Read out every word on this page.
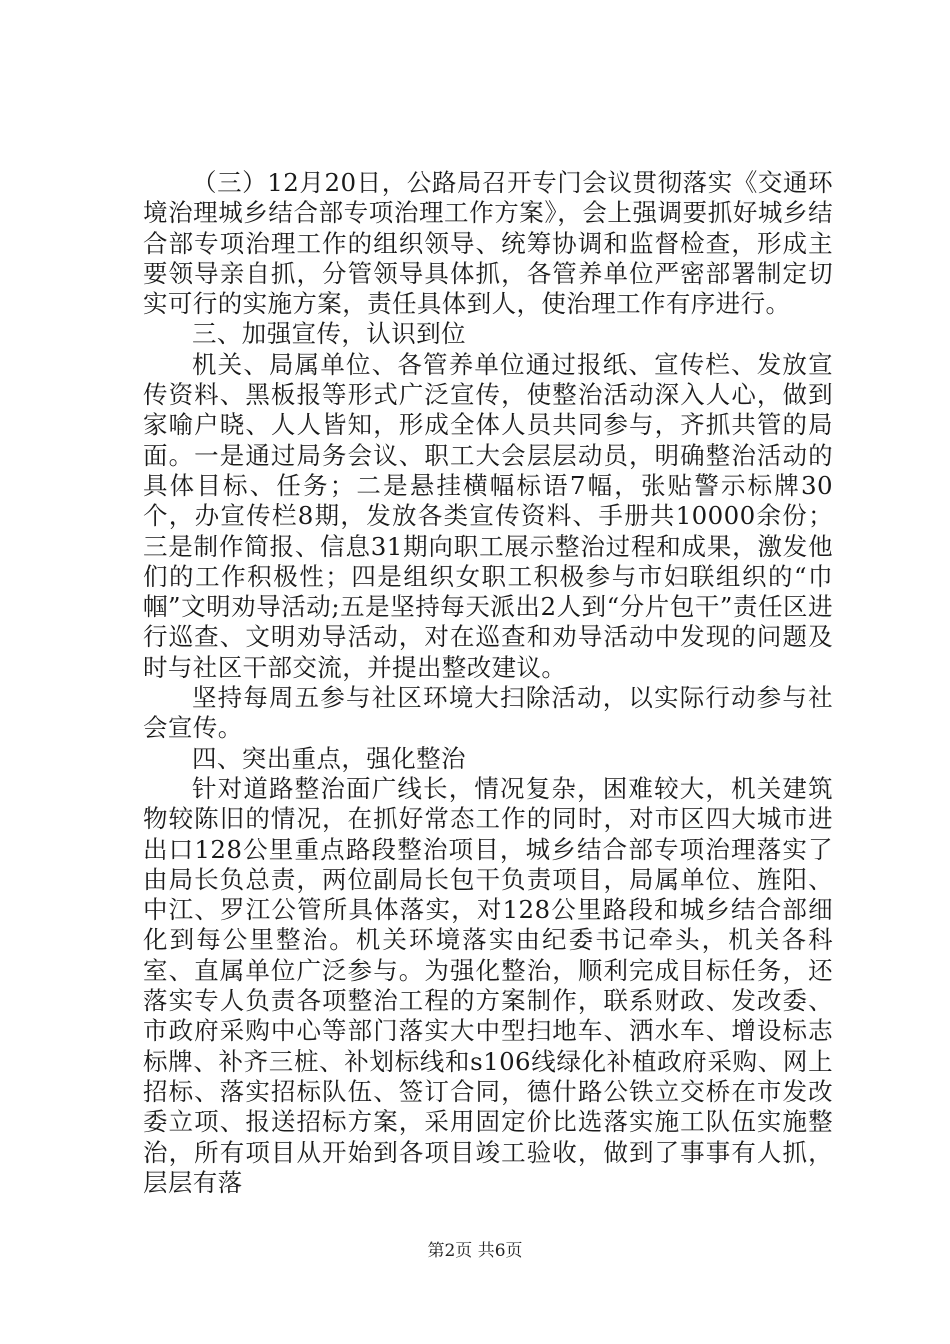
（三）12月20日，公路局召开专门会议贯彻落实《交通环境治理城乡结合部专项治理工作方案》，会上强调要抓好城乡结合部专项治理工作的组织领导、统筹协调和监督检查，形成主要领导亲自抓，分管领导具体抓，各管养单位严密部署制定切实可行的实施方案，责任具体到人，使治理工作有序进行。

三、加强宣传，认识到位

机关、局属单位、各管养单位通过报纸、宣传栏、发放宣传资料、黑板报等形式广泛宣传，使整治活动深入人心，做到家喻户晓、人人皆知，形成全体人员共同参与，齐抓共管的局面。一是通过局务会议、职工大会层层动员，明确整治活动的具体目标、任务；二是悬挂横幅标语7幅，张贴警示标牌30个，办宣传栏8期，发放各类宣传资料、手册共10000余份；三是制作简报、信息31期向职工展示整治过程和成果，激发他们的工作积极性；四是组织女职工积极参与市妇联组织的“巾帼”文明劝导活动;五是坚持每天派出2人到“分片包干”责任区进行巡查、文明劝导活动，对在巡查和劝导活动中发现的问题及时与社区干部交流，并提出整改建议。

坚持每周五参与社区环境大扫除活动，以实际行动参与社会宣传。

四、突出重点，强化整治

针对道路整治面广线长，情况复杂，困难较大，机关建筑物较陈旧的情况，在抓好常态工作的同时，对市区四大城市进出口128公里重点路段整治项目，城乡结合部专项治理落实了由局长负总责，两位副局长包干负责项目，局属单位、旌阳、中江、罗江公管所具体落实，对128公里路段和城乡结合部细化到每公里整治。机关环境落实由纪委书记牵头，机关各科室、直属单位广泛参与。为强化整治，顺利完成目标任务，还落实专人负责各项整治工程的方案制作，联系财政、发改委、市政府采购中心等部门落实大中型扫地车、洒水车、增设标志标牌、补齐三桩、补划标线和s106线绿化补植政府采购、网上招标、落实招标队伍、签订合同，德什路公铁立交桥在市发改委立项、报送招标方案，采用固定价比选落实施工队伍实施整治，所有项目从开始到各项目竣工验收，做到了事事有人抓，层层有落

第2页 共6页
